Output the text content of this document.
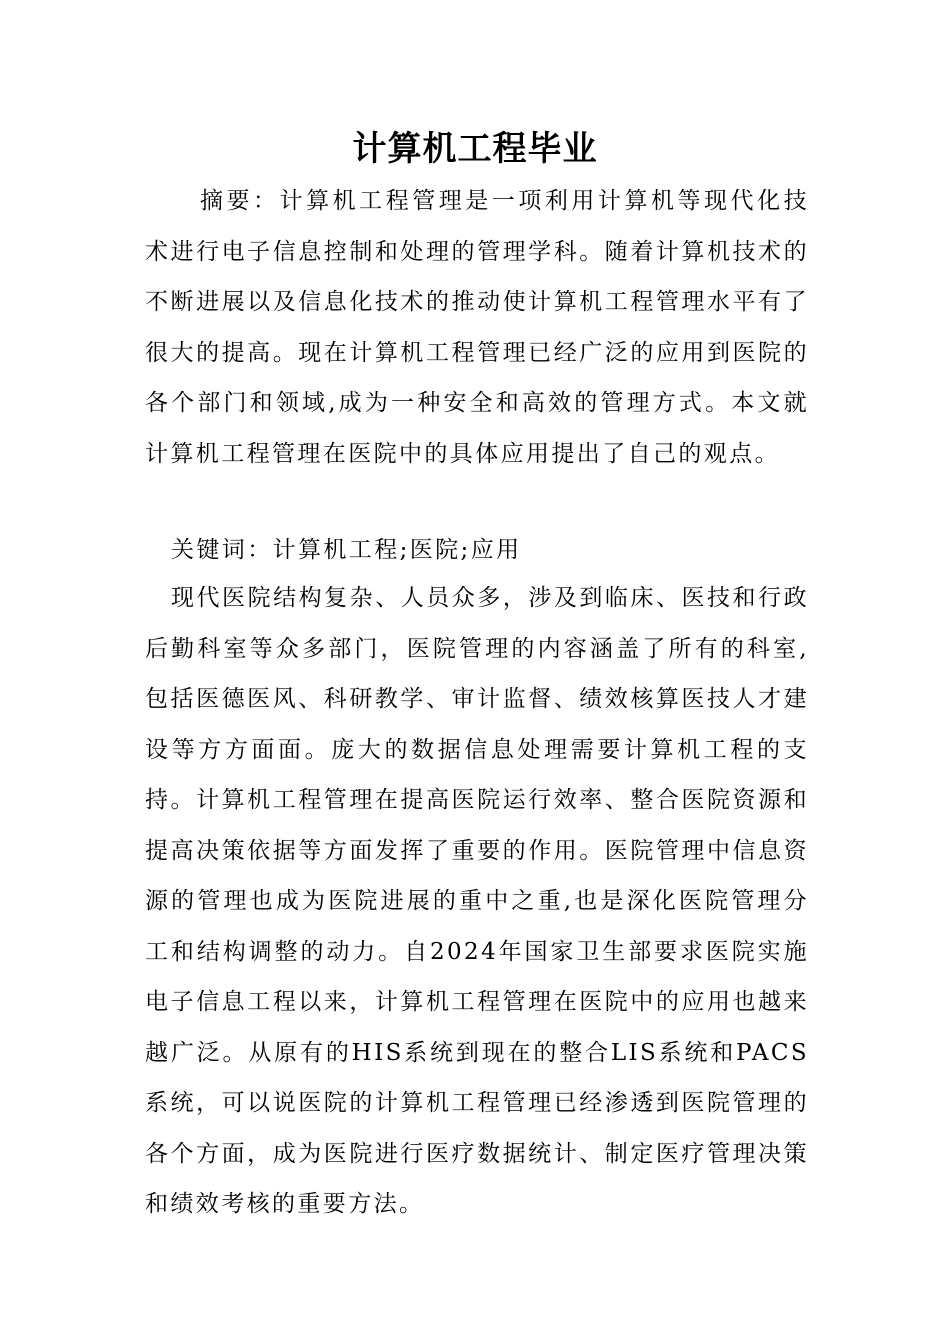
计算机工程毕业
摘要：计算机工程管理是一项利用计算机等现代化技术进行电子信息控制和处理的管理学科。随着计算机技术的不断进展以及信息化技术的推动使计算机工程管理水平有了很大的提高。现在计算机工程管理已经广泛的应用到医院的各个部门和领域,成为一种安全和高效的管理方式。本文就计算机工程管理在医院中的具体应用提出了自己的观点。
关键词：计算机工程;医院;应用
现代医院结构复杂、人员众多，涉及到临床、医技和行政后勤科室等众多部门，医院管理的内容涵盖了所有的科室,包括医德医风、科研教学、审计监督、绩效核算医技人才建设等方方面面。庞大的数据信息处理需要计算机工程的支持。计算机工程管理在提高医院运行效率、整合医院资源和提高决策依据等方面发挥了重要的作用。医院管理中信息资源的管理也成为医院进展的重中之重,也是深化医院管理分工和结构调整的动力。自2024年国家卫生部要求医院实施电子信息工程以来，计算机工程管理在医院中的应用也越来越广泛。从原有的HIS系统到现在的整合LIS系统和PACS系统，可以说医院的计算机工程管理已经渗透到医院管理的各个方面，成为医院进行医疗数据统计、制定医疗管理决策和绩效考核的重要方法。
